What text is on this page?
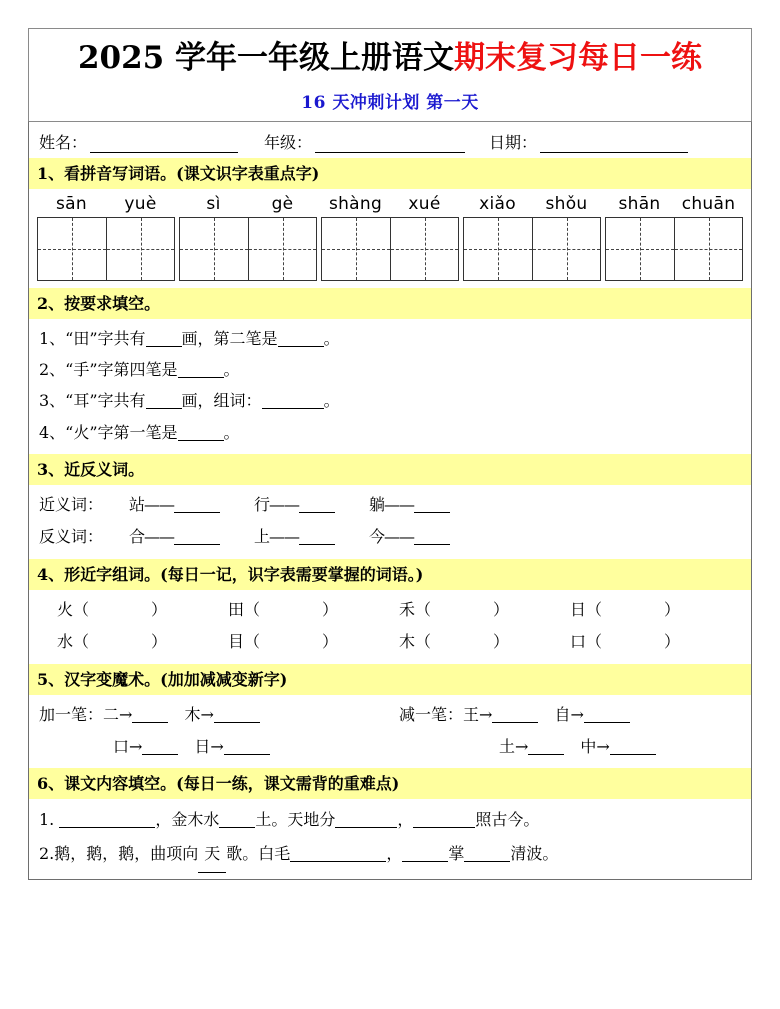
2025 学年一年级上册语文期末复习每日一练
16 天冲刺计划 第一天
姓名：	年级：	日期：
1、看拼音写词语。(课文识字表重点字)
sān	yuè	sì	gè	shàng	xué	xiǎo	shǒu	shān	chuān
2、按要求填空。
1、“田”字共有 画，第二笔是	。
2、“手”字第四笔是	。
3、“耳”字共有 画，组词：	。
4、“火”字第一笔是	。
3、近反义词。
近义词： 站——	行——	躺——
反义词： 合——	上——	今——
4、形近字组词。(每日一记，识字表需要掌握的词语。)
火（	）	田（	）	禾（	）	日（	）
水（	）	目（	）	木（	）	口（	）
5、汉字变魔术。(加加减减变新字)
加一笔：二→	木→	减一笔：王→	自→
口→	日→	土→	中→
6、课文内容填空。(每日一练，课文需背的重难点)
1.	，金木水 土。天地分	，	照古今。
2.鹅，鹅，鹅，曲项向 天 歌。白毛	，	掌	清波。
